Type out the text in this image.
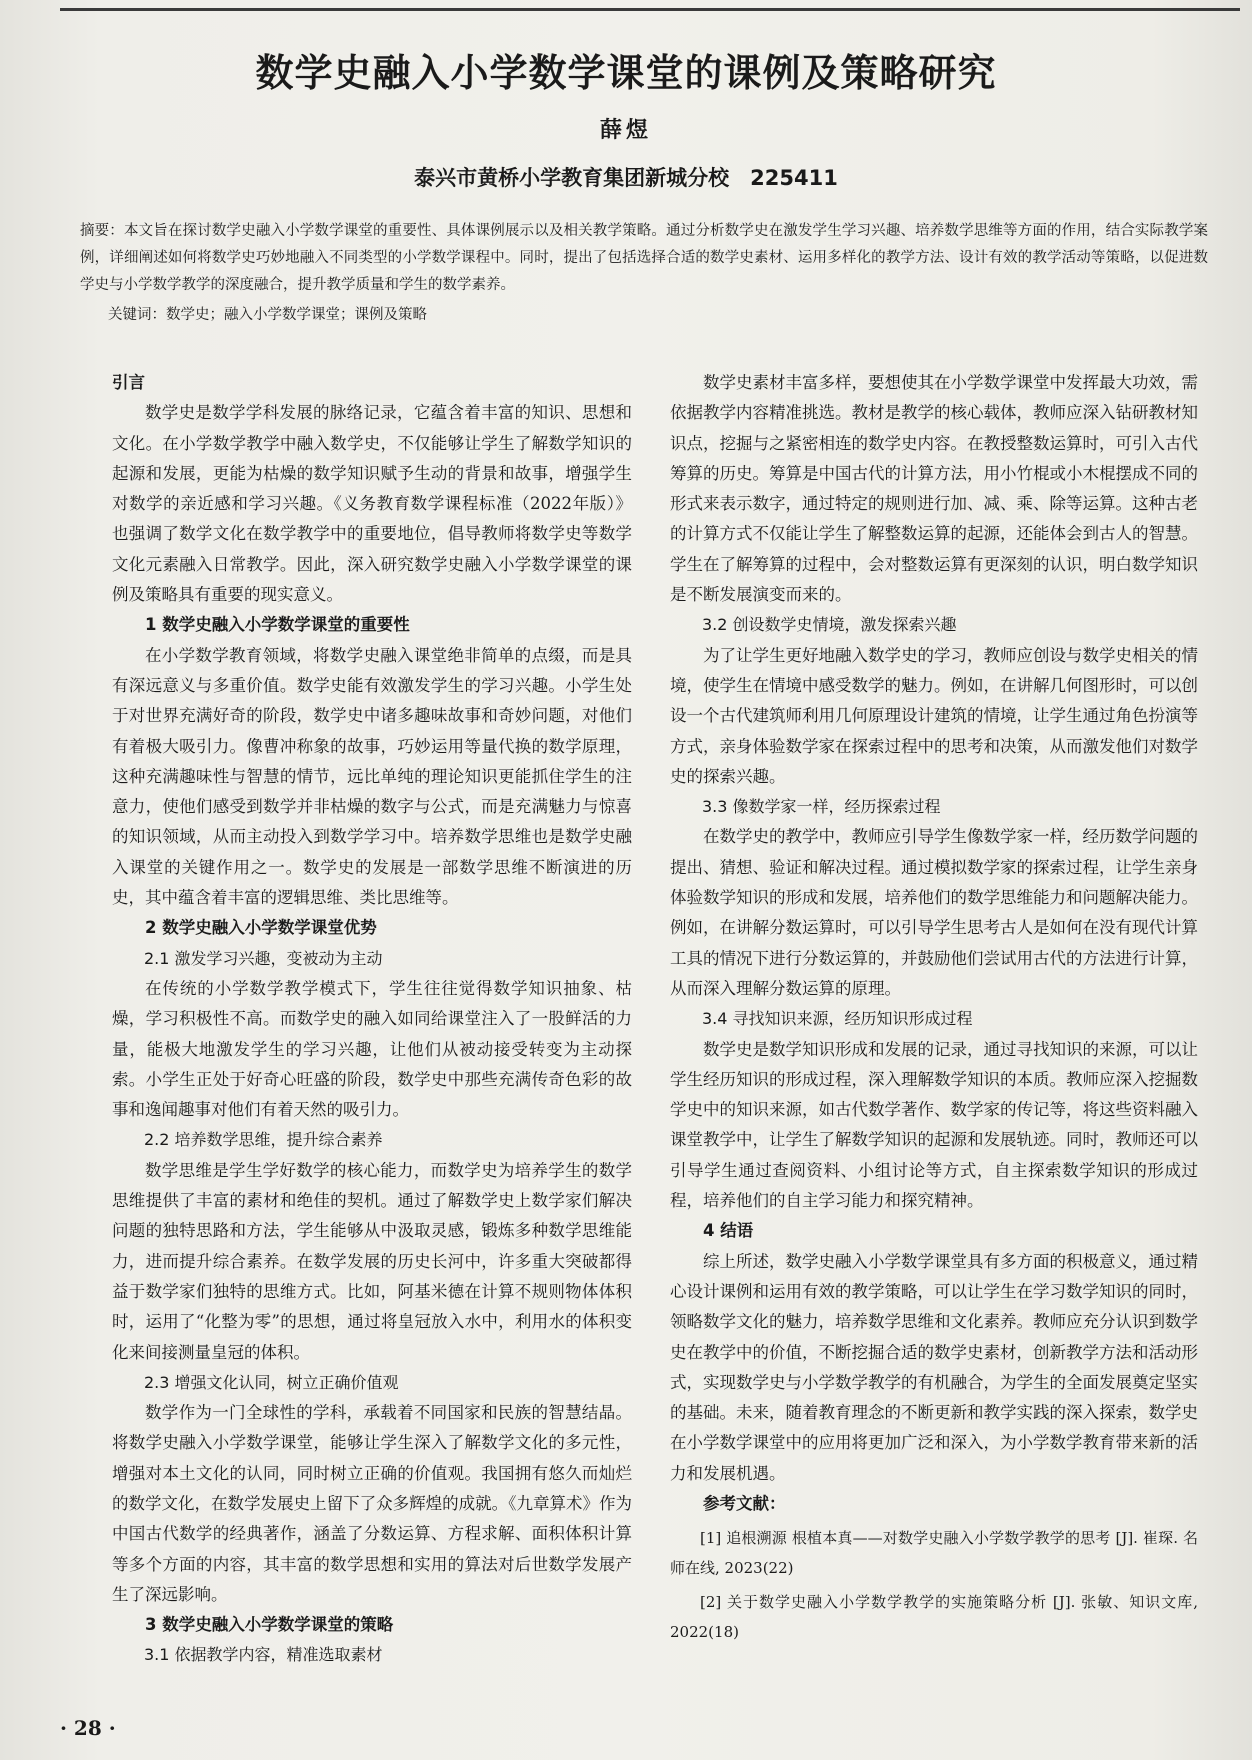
数学史融入小学数学课堂的课例及策略研究
薛煜
泰兴市黄桥小学教育集团新城分校　225411
摘要：本文旨在探讨数学史融入小学数学课堂的重要性、具体课例展示以及相关教学策略。通过分析数学史在激发学生学习兴趣、培养数学思维等方面的作用，结合实际教学案例，详细阐述如何将数学史巧妙地融入不同类型的小学数学课程中。同时，提出了包括选择合适的数学史素材、运用多样化的教学方法、设计有效的教学活动等策略，以促进数学史与小学数学教学的深度融合，提升教学质量和学生的数学素养。
关键词：数学史；融入小学数学课堂；课例及策略

引言

数学史是数学学科发展的脉络记录，它蕴含着丰富的知识、思想和文化。在小学数学教学中融入数学史，不仅能够让学生了解数学知识的起源和发展，更能为枯燥的数学知识赋予生动的背景和故事，增强学生对数学的亲近感和学习兴趣。《义务教育数学课程标准（2022年版）》也强调了数学文化在数学教学中的重要地位，倡导教师将数学史等数学文化元素融入日常教学。因此，深入研究数学史融入小学数学课堂的课例及策略具有重要的现实意义。

1 数学史融入小学数学课堂的重要性

在小学数学教育领域，将数学史融入课堂绝非简单的点缀，而是具有深远意义与多重价值。数学史能有效激发学生的学习兴趣。小学生处于对世界充满好奇的阶段，数学史中诸多趣味故事和奇妙问题，对他们有着极大吸引力。像曹冲称象的故事，巧妙运用等量代换的数学原理，这种充满趣味性与智慧的情节，远比单纯的理论知识更能抓住学生的注意力，使他们感受到数学并非枯燥的数字与公式，而是充满魅力与惊喜的知识领域，从而主动投入到数学学习中。培养数学思维也是数学史融入课堂的关键作用之一。数学史的发展是一部数学思维不断演进的历史，其中蕴含着丰富的逻辑思维、类比思维等。

2 数学史融入小学数学课堂优势

2.1 激发学习兴趣，变被动为主动

在传统的小学数学教学模式下，学生往往觉得数学知识抽象、枯燥，学习积极性不高。而数学史的融入如同给课堂注入了一股鲜活的力量，能极大地激发学生的学习兴趣，让他们从被动接受转变为主动探索。小学生正处于好奇心旺盛的阶段，数学史中那些充满传奇色彩的故事和逸闻趣事对他们有着天然的吸引力。

2.2 培养数学思维，提升综合素养

数学思维是学生学好数学的核心能力，而数学史为培养学生的数学思维提供了丰富的素材和绝佳的契机。通过了解数学史上数学家们解决问题的独特思路和方法，学生能够从中汲取灵感，锻炼多种数学思维能力，进而提升综合素养。在数学发展的历史长河中，许多重大突破都得益于数学家们独特的思维方式。比如，阿基米德在计算不规则物体体积时，运用了“化整为零”的思想，通过将皇冠放入水中，利用水的体积变化来间接测量皇冠的体积。

2.3 增强文化认同，树立正确价值观

数学作为一门全球性的学科，承载着不同国家和民族的智慧结晶。将数学史融入小学数学课堂，能够让学生深入了解数学文化的多元性，增强对本土文化的认同，同时树立正确的价值观。我国拥有悠久而灿烂的数学文化，在数学发展史上留下了众多辉煌的成就。《九章算术》作为中国古代数学的经典著作，涵盖了分数运算、方程求解、面积体积计算等多个方面的内容，其丰富的数学思想和实用的算法对后世数学发展产生了深远影响。

3 数学史融入小学数学课堂的策略

3.1 依据教学内容，精准选取素材

数学史素材丰富多样，要想使其在小学数学课堂中发挥最大功效，需依据教学内容精准挑选。教材是教学的核心载体，教师应深入钻研教材知识点，挖掘与之紧密相连的数学史内容。在教授整数运算时，可引入古代筹算的历史。筹算是中国古代的计算方法，用小竹棍或小木棍摆成不同的形式来表示数字，通过特定的规则进行加、减、乘、除等运算。这种古老的计算方式不仅能让学生了解整数运算的起源，还能体会到古人的智慧。学生在了解筹算的过程中，会对整数运算有更深刻的认识，明白数学知识是不断发展演变而来的。

3.2 创设数学史情境，激发探索兴趣

为了让学生更好地融入数学史的学习，教师应创设与数学史相关的情境，使学生在情境中感受数学的魅力。例如，在讲解几何图形时，可以创设一个古代建筑师利用几何原理设计建筑的情境，让学生通过角色扮演等方式，亲身体验数学家在探索过程中的思考和决策，从而激发他们对数学史的探索兴趣。

3.3 像数学家一样，经历探索过程

在数学史的教学中，教师应引导学生像数学家一样，经历数学问题的提出、猜想、验证和解决过程。通过模拟数学家的探索过程，让学生亲身体验数学知识的形成和发展，培养他们的数学思维能力和问题解决能力。例如，在讲解分数运算时，可以引导学生思考古人是如何在没有现代计算工具的情况下进行分数运算的，并鼓励他们尝试用古代的方法进行计算，从而深入理解分数运算的原理。

3.4 寻找知识来源，经历知识形成过程

数学史是数学知识形成和发展的记录，通过寻找知识的来源，可以让学生经历知识的形成过程，深入理解数学知识的本质。教师应深入挖掘数学史中的知识来源，如古代数学著作、数学家的传记等，将这些资料融入课堂教学中，让学生了解数学知识的起源和发展轨迹。同时，教师还可以引导学生通过查阅资料、小组讨论等方式，自主探索数学知识的形成过程，培养他们的自主学习能力和探究精神。

4 结语

综上所述，数学史融入小学数学课堂具有多方面的积极意义，通过精心设计课例和运用有效的教学策略，可以让学生在学习数学知识的同时，领略数学文化的魅力，培养数学思维和文化素养。教师应充分认识到数学史在教学中的价值，不断挖掘合适的数学史素材，创新教学方法和活动形式，实现数学史与小学数学教学的有机融合，为学生的全面发展奠定坚实的基础。未来，随着教育理念的不断更新和教学实践的深入探索，数学史在小学数学课堂中的应用将更加广泛和深入，为小学数学教育带来新的活力和发展机遇。

参考文献：

[1] 追根溯源 根植本真——对数学史融入小学数学教学的思考 [J]. 崔琛. 名师在线, 2023(22)

[2] 关于数学史融入小学数学教学的实施策略分析 [J]. 张敏、知识文库, 2022(18)

· 28 ·
